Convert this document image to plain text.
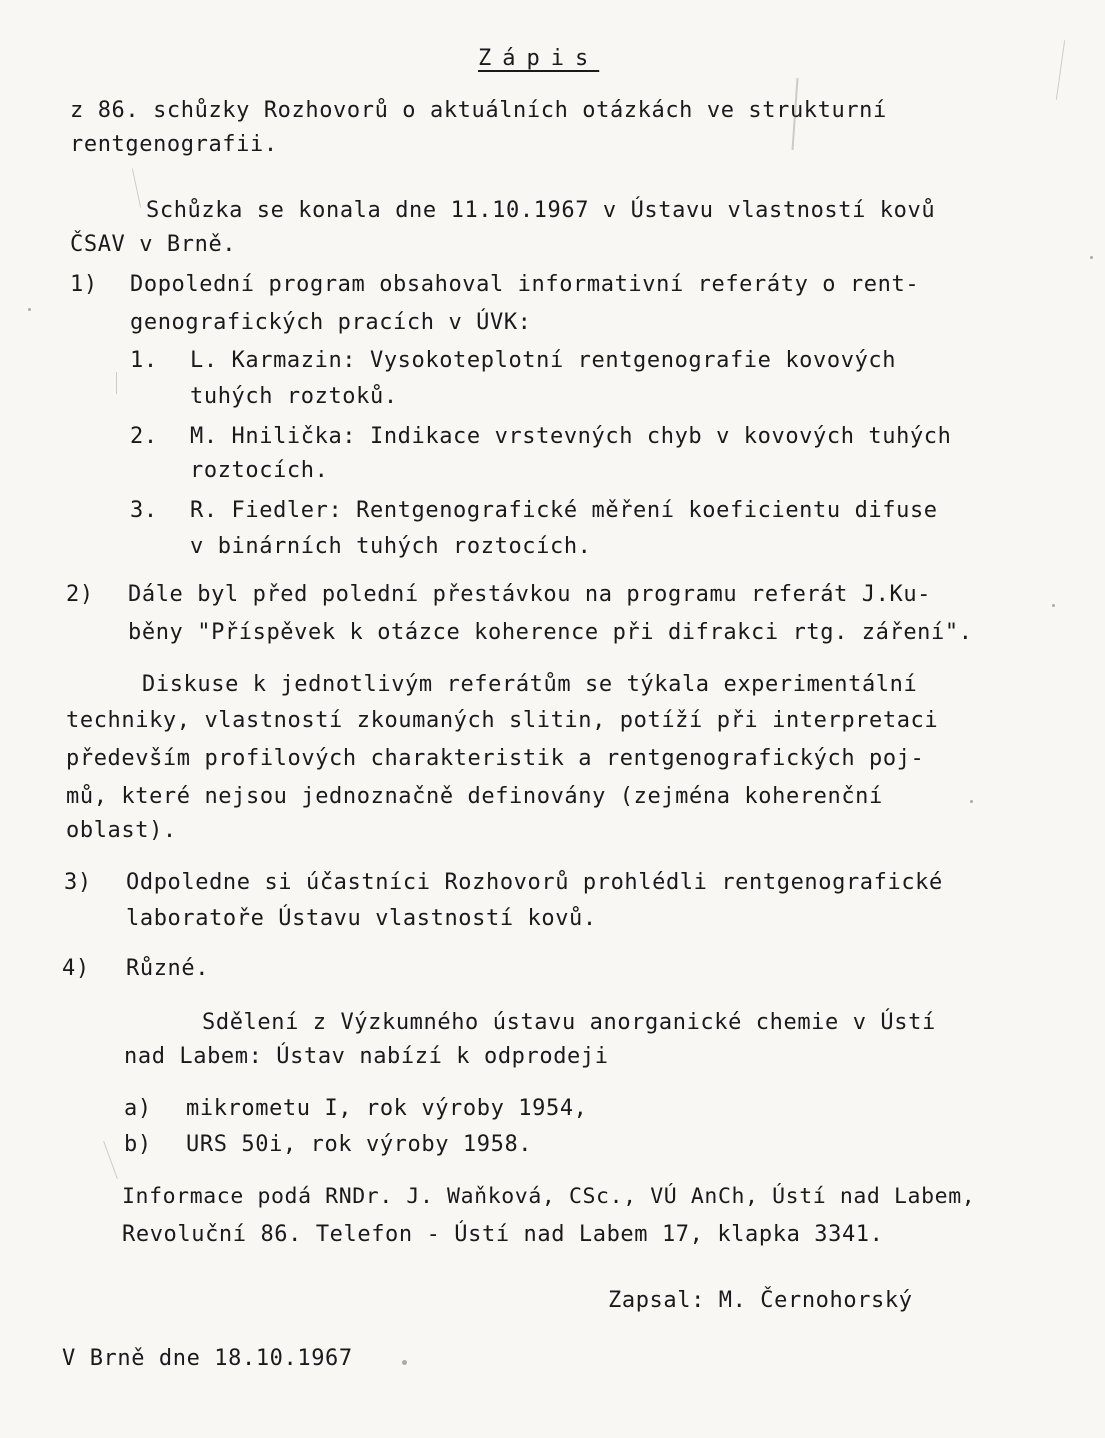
Zápis
z 86. schůzky Rozhovorů o aktuálních otázkách ve strukturní
rentgenografii.
Schůzka se konala dne 11.10.1967 v Ústavu vlastností kovů
ČSAV v Brně.
1) Dopolední program obsahoval informativní referáty o rent-
genografických pracích v ÚVK:
1. L. Karmazin: Vysokoteplotní rentgenografie kovových
tuhých roztoků.
2. M. Hnilička: Indikace vrstevných chyb v kovových tuhých
roztocích.
3. R. Fiedler: Rentgenografické měření koeficientu difuse
v binárních tuhých roztocích.
2) Dále byl před polední přestávkou na programu referát J.Ku-
běny "Příspěvek k otázce koherence při difrakci rtg. záření".
Diskuse k jednotlivým referátům se týkala experimentální
techniky, vlastností zkoumaných slitin, potíží při interpretaci
především profilových charakteristik a rentgenografických poj-
mů, které nejsou jednoznačně definovány (zejména koherenční
oblast).
3) Odpoledne si účastníci Rozhovorů prohlédli rentgenografické
laboratoře Ústavu vlastností kovů.
4) Různé.
Sdělení z Výzkumného ústavu anorganické chemie v Ústí
nad Labem: Ústav nabízí k odprodeji
a) mikrometu I, rok výroby 1954,
b) URS 50i, rok výroby 1958.
Informace podá RNDr. J. Waňková, CSc., VÚ AnCh, Ústí nad Labem,
Revoluční 86. Telefon - Ústí nad Labem 17, klapka 3341.
Zapsal: M. Černohorský
V Brně dne 18.10.1967
